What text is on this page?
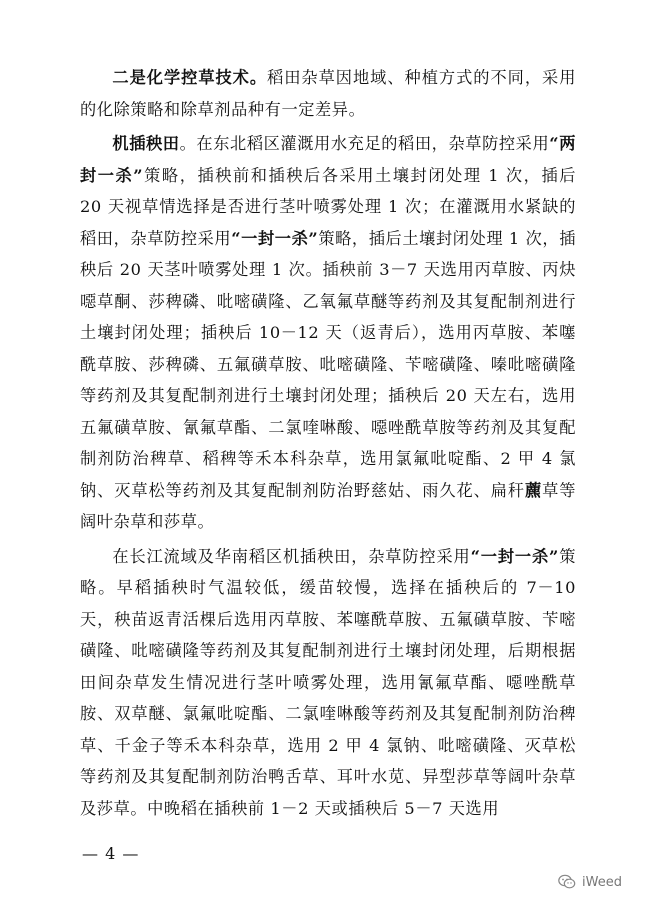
二是化学控草技术。稻田杂草因地域、种植方式的不同，采用的化除策略和除草剂品种有一定差异。

机插秧田。在东北稻区灌溉用水充足的稻田，杂草防控采用“两封一杀”策略，插秧前和插秧后各采用土壤封闭处理 1 次，插后 20 天视草情选择是否进行茎叶喷雾处理 1 次；在灌溉用水紧缺的稻田，杂草防控采用“一封一杀”策略，插后土壤封闭处理 1 次，插秧后 20 天茎叶喷雾处理 1 次。插秧前 3－7 天选用丙草胺、丙炔噁草酮、莎稗磷、吡嘧磺隆、乙氧氟草醚等药剂及其复配制剂进行土壤封闭处理；插秧后 10－12 天（返青后），选用丙草胺、苯噻酰草胺、莎稗磷、五氟磺草胺、吡嘧磺隆、苄嘧磺隆、嗪吡嘧磺隆等药剂及其复配制剂进行土壤封闭处理；插秧后 20 天左右，选用五氟磺草胺、氰氟草酯、二氯喹啉酸、噁唑酰草胺等药剂及其复配制剂防治稗草、稻稗等禾本科杂草，选用氯氟吡啶酯、2 甲 4 氯钠、灭草松等药剂及其复配制剂防治野慈姑、雨久花、扁秆藨草等阔叶杂草和莎草。

在长江流域及华南稻区机插秧田，杂草防控采用“一封一杀”策略。早稻插秧时气温较低，缓苗较慢，选择在插秧后的 7－10 天，秧苗返青活棵后选用丙草胺、苯噻酰草胺、五氟磺草胺、苄嘧磺隆、吡嘧磺隆等药剂及其复配制剂进行土壤封闭处理，后期根据田间杂草发生情况进行茎叶喷雾处理，选用氰氟草酯、噁唑酰草胺、双草醚、氯氟吡啶酯、二氯喹啉酸等药剂及其复配制剂防治稗草、千金子等禾本科杂草，选用 2 甲 4 氯钠、吡嘧磺隆、灭草松等药剂及其复配制剂防治鸭舌草、耳叶水苋、异型莎草等阔叶杂草及莎草。中晚稻在插秧前 1－2 天或插秧后 5－7 天选用

— 4 —
iWeed
